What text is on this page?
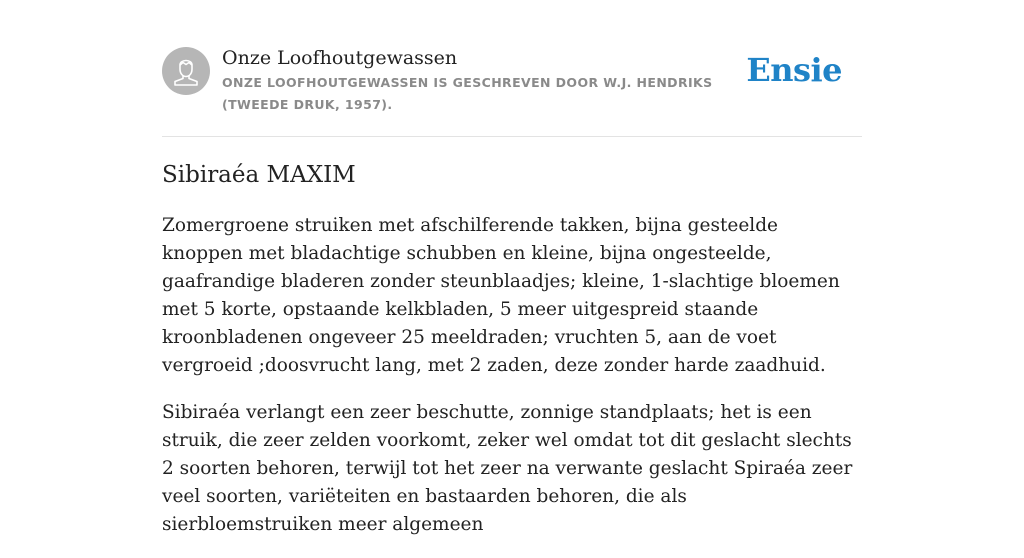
Onze Loofhoutgewassen

ONZE LOOFHOUTGEWASSEN IS GESCHREVEN DOOR W.J. HENDRIKS (TWEEDE DRUK, 1957).

Ensie
Sibiraéa MAXIM

Zomergroene struiken met afschilferende takken, bijna gesteelde knoppen met bladachtige schubben en kleine, bijna ongesteelde, gaafrandige bladeren zonder steunblaadjes; kleine, 1-slachtige bloemen met 5 korte, opstaande kelkbladen, 5 meer uitgespreid staande kroonbladenen ongeveer 25 meeldraden; vruchten 5, aan de voet vergroeid ;doosvrucht lang, met 2 zaden, deze zonder harde zaadhuid.

Sibiraéa verlangt een zeer beschutte, zonnige standplaats; het is een struik, die zeer zelden voorkomt, zeker wel omdat tot dit geslacht slechts 2 soorten behoren, terwijl tot het zeer na verwante geslacht Spiraéa zeer veel soorten, variëteiten en bastaarden behoren, die als sierbloemstruiken meer algemeen
